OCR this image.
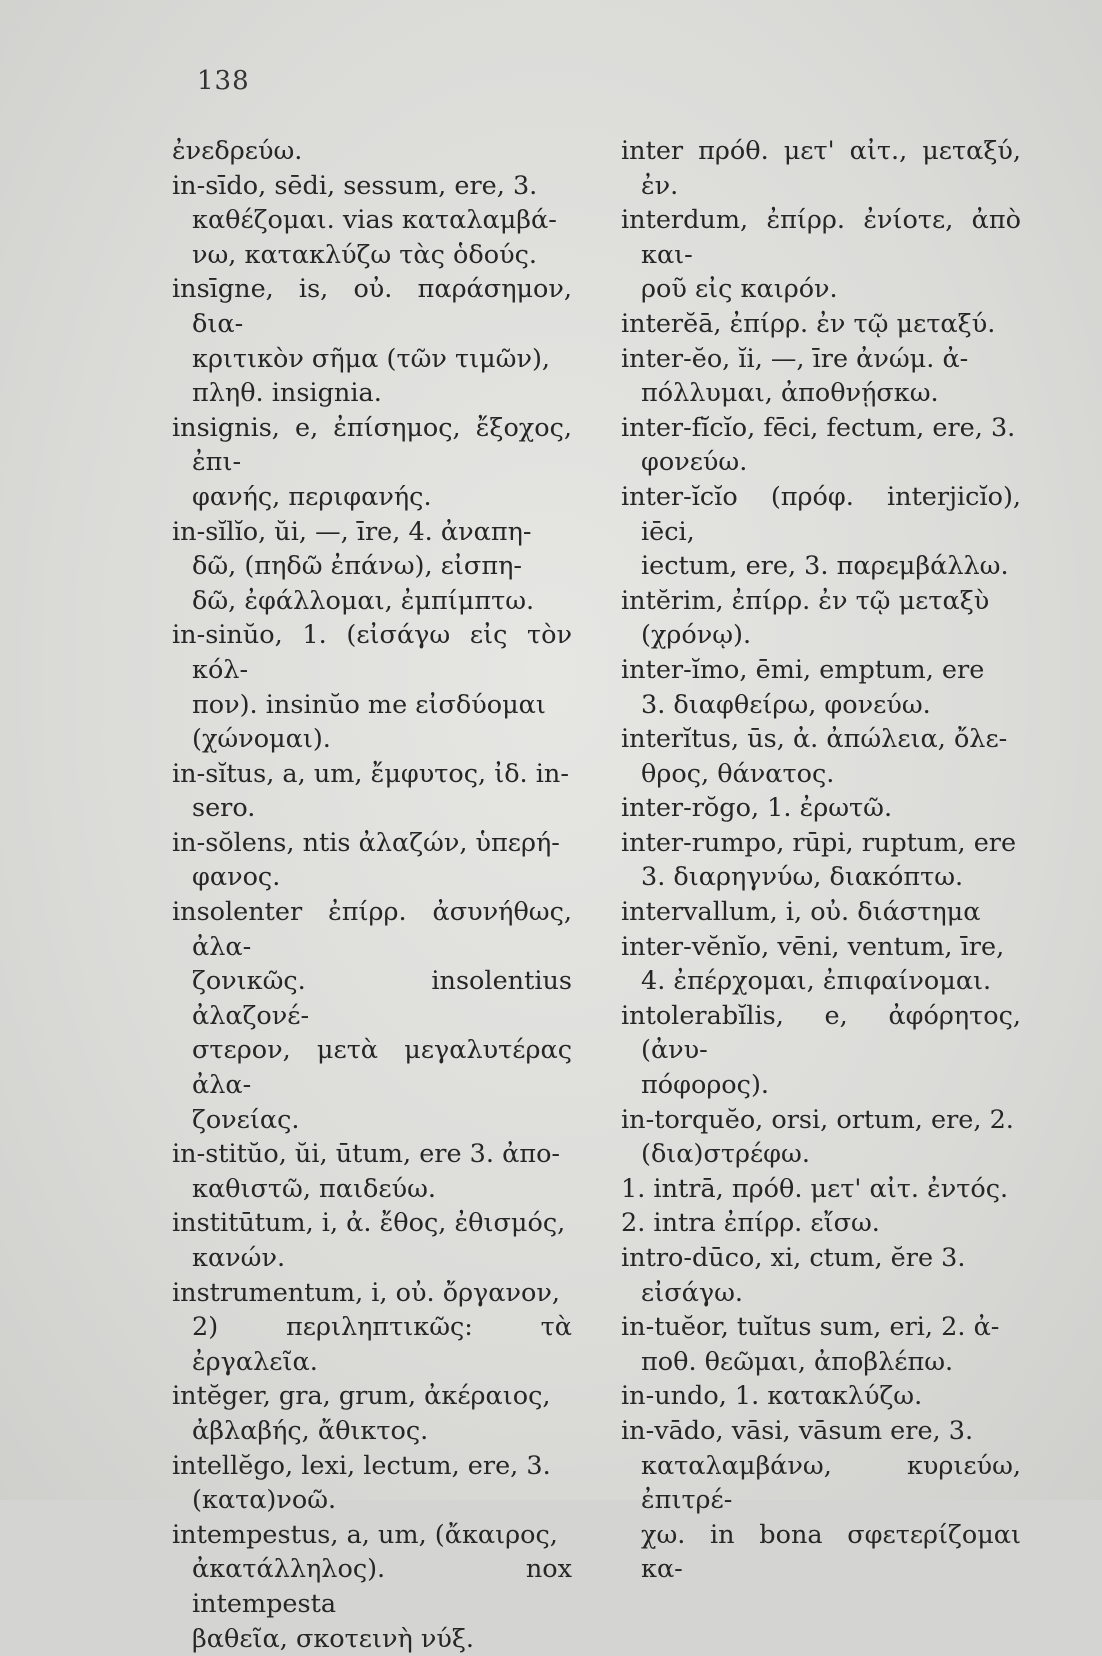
138

ἐνεδρεύω.

in-sīdo, sēdi, sessum, ere, 3.
καθέζομαι. vias καταλαμβά-
νω, κατακλύζω τὰς ὁδούς.

insīgne, is, οὐ. παράσημον, δια-
κριτικὸν σῆμα (τῶν τιμῶν),
πληθ. insignia.

insignis, e, ἐπίσημος, ἔξοχος, ἐπι-
φανής, περιφανής.

in-sĭlĭo, ŭi, —, īre, 4. ἀναπη-
δῶ, (πηδῶ ἐπάνω), εἰσπη-
δῶ, ἐφάλλομαι, ἐμπίμπτω.

in-sinŭo, 1. (εἰσάγω εἰς τὸν κόλ-
πον). insinŭo me εἰσδύομαι
(χώνομαι).

in-sĭtus, a, um, ἔμφυτος, ἰδ. in-
sero.

in-sŏlens, ntis ἀλαζών, ὑπερή-
φανος.

insolenter ἐπίρρ. ἀσυνήθως, ἀλα-
ζονικῶς. insolentius ἀλαζονέ-
στερον, μετὰ μεγαλυτέρας ἀλα-
ζονείας.

in-stitŭo, ŭi, ūtum, ere 3. ἀπο-
καθιστῶ, παιδεύω.

institūtum, i, ἀ. ἔθος, ἐθισμός,
κανών.

instrumentum, i, οὐ. ὄργανον,
2) περιληπτικῶς: τὰ ἐργαλεῖα.

intĕger, gra, grum, ἀκέραιος,
ἀβλαβής, ἄθικτος.

intellĕgo, lexi, lectum, ere, 3.
(κατα)νοῶ.

intempestus, a, um, (ἄκαιρος,
ἀκατάλληλος). nox intempesta
βαθεῖα, σκοτεινὴ νύξ.

inter πρόθ. μετ' αἰτ., μεταξύ, ἐν.

interdum, ἐπίρρ. ἐνίοτε, ἀπὸ και-
ροῦ εἰς καιρόν.

interĕā, ἐπίρρ. ἐν τῷ μεταξύ.

inter-ĕo, ĭi, —, īre ἀνώμ. ἀ-
πόλλυμαι, ἀποθνῄσκω.

inter-fĭcĭo, fēci, fectum, ere, 3.
φονεύω.

inter-ĭcĭo (πρόφ. interjicĭo), iēci,
iectum, ere, 3. παρεμβάλλω.

intĕrim, ἐπίρρ. ἐν τῷ μεταξὺ
(χρόνῳ).

inter-ĭmo, ēmi, emptum, ere
3. διαφθείρω, φονεύω.

interĭtus, ūs, ἀ. ἀπώλεια, ὄλε-
θρος, θάνατος.

inter-rŏgo, 1. ἐρωτῶ.

inter-rumpo, rūpi, ruptum, ere
3. διαρηγνύω, διακόπτω.

intervallum, i, οὐ. διάστημα

inter-vĕnĭo, vēni, ventum, īre,
4. ἐπέρχομαι, ἐπιφαίνομαι.

intolerabĭlis, e, ἀφόρητος, (ἀνυ-
πόφορος).

in-torquĕo, orsi, ortum, ere, 2.
(δια)στρέφω.

1. intrā, πρόθ. μετ' αἰτ. ἐντός.

2. intra ἐπίρρ. εἴσω.

intro-dūco, xi, ctum, ĕre 3.
εἰσάγω.

in-tuĕor, tuĭtus sum, eri, 2. ἀ-
ποθ. θεῶμαι, ἀποβλέπω.

in-undo, 1. κατακλύζω.

in-vādo, vāsi, vāsum ere, 3.
καταλαμβάνω, κυριεύω, ἐπιτρέ-
χω. in bona σφετερίζομαι κα-
